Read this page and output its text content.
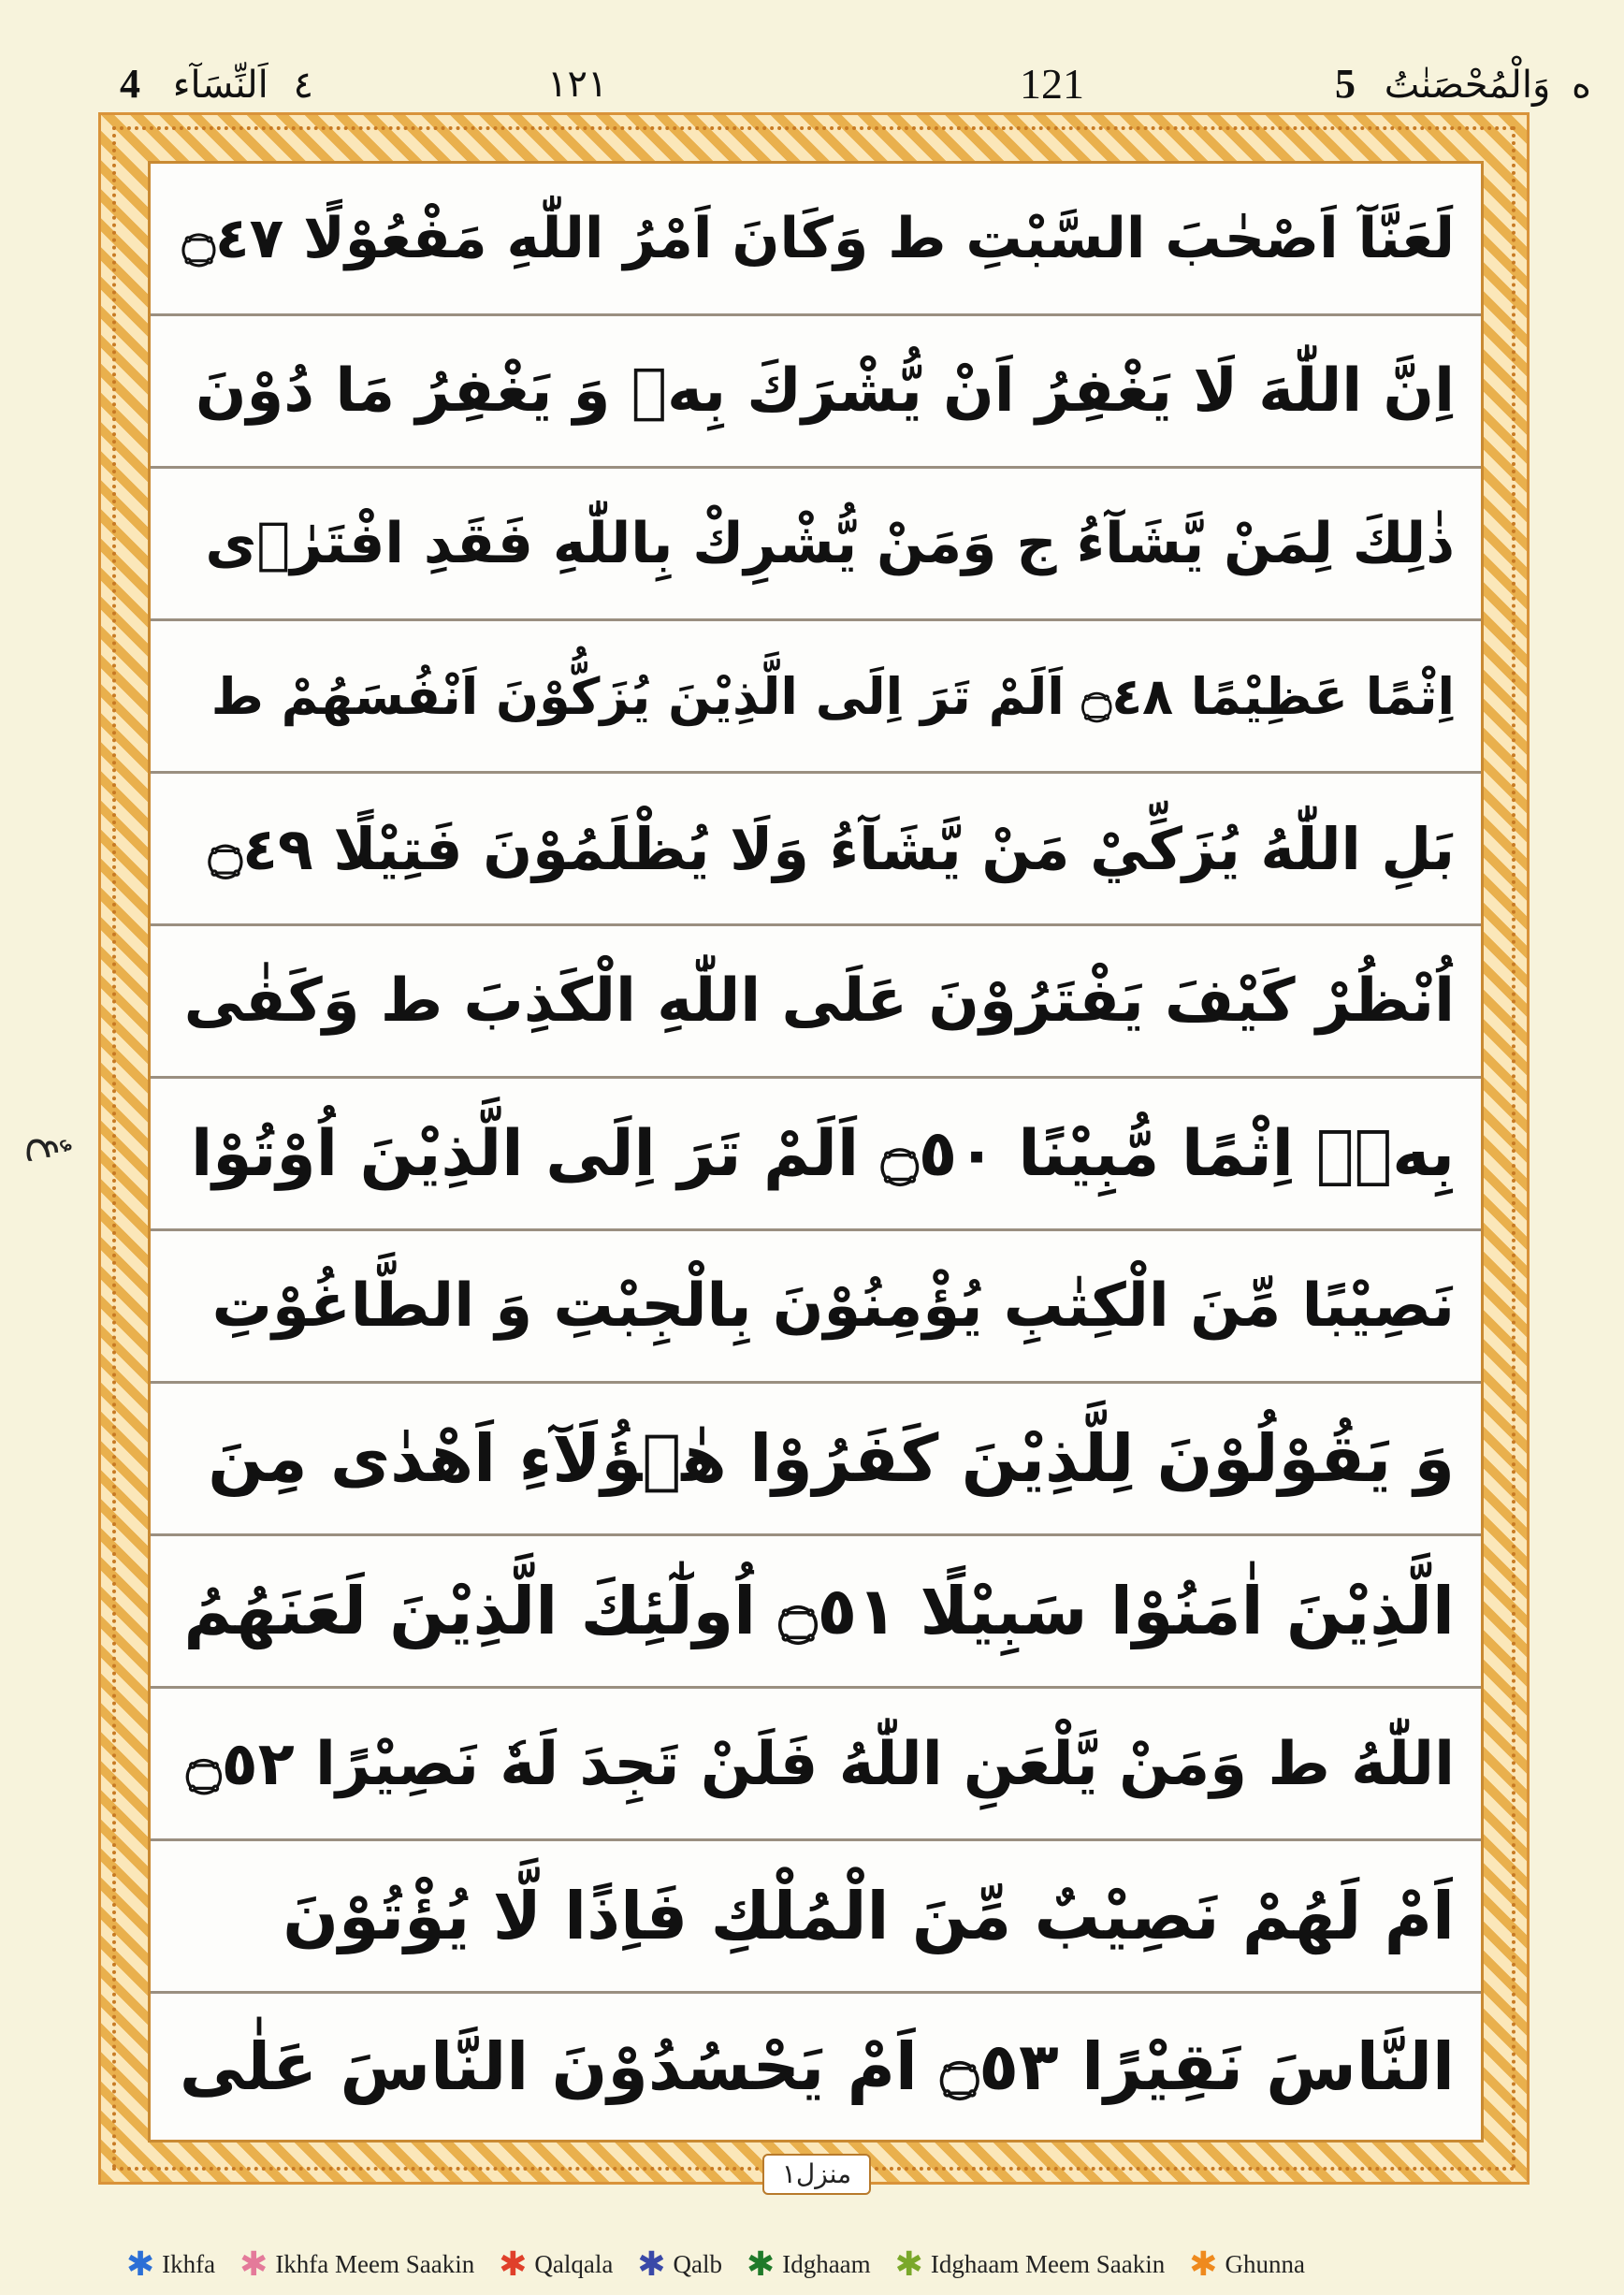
٤ اَلنِّسَآء 4	١٢١	121	ه وَالْمُحْصَنٰتُ 5
عٌ
لَعَنَّآ اَصْحٰبَ السَّبْتِ ط وَكَانَ اَمْرُ اللّٰهِ مَفْعُوْلًا ۝٤٧
اِنَّ اللّٰهَ لَا يَغْفِرُ اَنْ يُّشْرَكَ بِهٖ وَ يَغْفِرُ مَا دُوْنَ
ذٰلِكَ لِمَنْ يَّشَآءُ ج وَمَنْ يُّشْرِكْ بِاللّٰهِ فَقَدِ افْتَرٰۤى
اِثْمًا عَظِيْمًا ۝٤٨ اَلَمْ تَرَ اِلَى الَّذِيْنَ يُزَكُّوْنَ اَنْفُسَهُمْ ط
بَلِ اللّٰهُ يُزَكِّيْ مَنْ يَّشَآءُ وَلَا يُظْلَمُوْنَ فَتِيْلًا ۝٤٩
اُنْظُرْ كَيْفَ يَفْتَرُوْنَ عَلَى اللّٰهِ الْكَذِبَ ط وَكَفٰى
بِهٖۤ اِثْمًا مُّبِيْنًا ۝٥٠ اَلَمْ تَرَ اِلَى الَّذِيْنَ اُوْتُوْا
نَصِيْبًا مِّنَ الْكِتٰبِ يُؤْمِنُوْنَ بِالْجِبْتِ وَ الطَّاغُوْتِ
وَ يَقُوْلُوْنَ لِلَّذِيْنَ كَفَرُوْا هٰۤؤُلَآءِ اَهْدٰى مِنَ
الَّذِيْنَ اٰمَنُوْا سَبِيْلًا ۝٥١ اُولٰٓئِكَ الَّذِيْنَ لَعَنَهُمُ
اللّٰهُ ط وَمَنْ يَّلْعَنِ اللّٰهُ فَلَنْ تَجِدَ لَهٗ نَصِيْرًا ۝٥٢
اَمْ لَهُمْ نَصِيْبٌ مِّنَ الْمُلْكِ فَاِذًا لَّا يُؤْتُوْنَ
النَّاسَ نَقِيْرًا ۝٥٣ اَمْ يَحْسُدُوْنَ النَّاسَ عَلٰى
منزل١
✱ Ikhfa ✱ Ikhfa Meem Saakin ✱ Qalqala ✱ Qalb ✱ Idghaam ✱ Idghaam Meem Saakin ✱ Ghunna
